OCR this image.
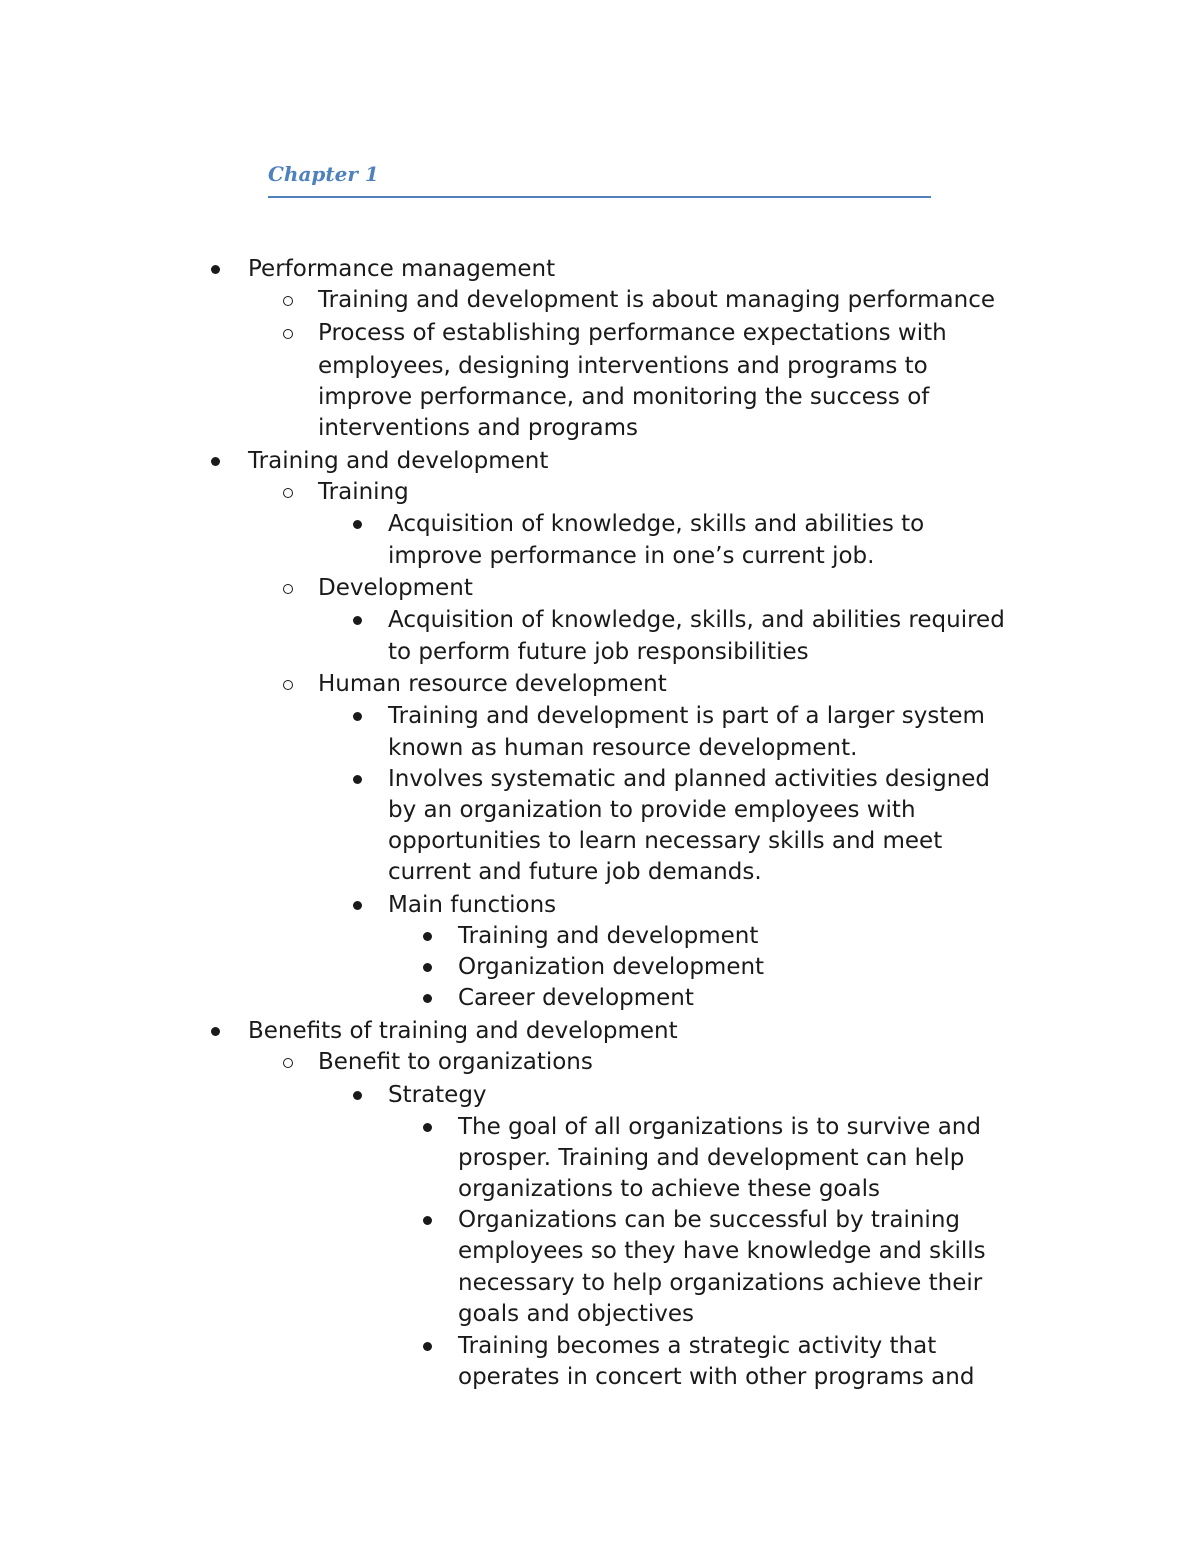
Chapter 1
Performance management
Training and development is about managing performance
Process of establishing performance expectations with
employees, designing interventions and programs to
improve performance, and monitoring the success of
interventions and programs
Training and development
Training
Acquisition of knowledge, skills and abilities to
improve performance in one’s current job.
Development
Acquisition of knowledge, skills, and abilities required
to perform future job responsibilities
Human resource development
Training and development is part of a larger system
known as human resource development.
Involves systematic and planned activities designed
by an organization to provide employees with
opportunities to learn necessary skills and meet
current and future job demands.
Main functions
Training and development
Organization development
Career development
Benefits of training and development
Benefit to organizations
Strategy
The goal of all organizations is to survive and
prosper. Training and development can help
organizations to achieve these goals
Organizations can be successful by training
employees so they have knowledge and skills
necessary to help organizations achieve their
goals and objectives
Training becomes a strategic activity that
operates in concert with other programs and
